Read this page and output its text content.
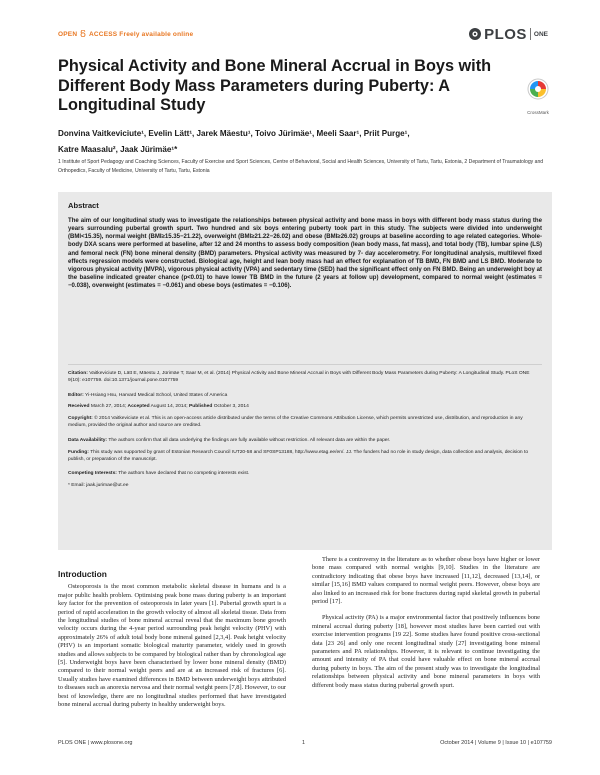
OPEN ACCESS Freely available online	PLOS ONE
Physical Activity and Bone Mineral Accrual in Boys with Different Body Mass Parameters during Puberty: A Longitudinal Study	CrossMark
Donvina Vaitkeviciute¹, Evelin Lätt¹, Jarek Mäestu¹, Toivo Jürimäe¹, Meeli Saar¹, Priit Purge¹,
Katre Maasalu², Jaak Jürimäe¹*
1 Institute of Sport Pedagogy and Coaching Sciences, Faculty of Exercise and Sport Sciences, Centre of Behavioral, Social and Health Sciences, University of Tartu, Tartu, Estonia, 2 Department of Traumatology and Orthopedics, Faculty of Medicine, University of Tartu, Tartu, Estonia
Abstract
The aim of our longitudinal study was to investigate the relationships between physical activity and bone mass in boys with different body mass status during the years surrounding pubertal growth spurt. Two hundred and six boys entering puberty took part in this study. The subjects were divided into underweight (BMI<15.35), normal weight (BMI≥15.35−21.22), overweight (BMI≥21.22−26.02) and obese (BMI≥26.02) groups at baseline according to age related categories. Whole-body DXA scans were performed at baseline, after 12 and 24 months to assess body composition (lean body mass, fat mass), and total body (TB), lumbar spine (LS) and femoral neck (FN) bone mineral density (BMD) parameters. Physical activity was measured by 7- day accelerometry. For longitudinal analysis, multilevel fixed effects regression models were constructed. Biological age, height and lean body mass had an effect for explanation of TB BMD, FN BMD and LS BMD. Moderate to vigorous physical activity (MVPA), vigorous physical activity (VPA) and sedentary time (SED) had the significant effect only on FN BMD. Being an underweight boy at the baseline indicated greater chance (p<0.01) to have lower TB BMD in the future (2 years at follow up) development, compared to normal weight (estimates = −0.038), overweight (estimates = −0.061) and obese boys (estimates = −0.106).
Citation: Vaitkeviciute D, Lätt E, Mäestu J, Jürimäe T, Saar M, et al. (2014) Physical Activity and Bone Mineral Accrual in Boys with Different Body Mass Parameters during Puberty: A Longitudinal Study. PLoS ONE 9(10): e107759. doi:10.1371/journal.pone.0107759
Editor: Yi-Hsiang Hsu, Harvard Medical School, United States of America
Received March 27, 2014; Accepted August 14, 2014; Published October 3, 2014
Copyright: © 2014 Vaitkeviciute et al. This is an open-access article distributed under the terms of the Creative Commons Attribution License, which permits unrestricted use, distribution, and reproduction in any medium, provided the original author and source are credited.
Data Availability: The authors confirm that all data underlying the findings are fully available without restriction. All relevant data are within the paper.
Funding: This study was supported by grant of Estonian Research Council IUT20-58 and SF0SP13188, http://www.etag.ee/en/. JJ. The funders had no role in study design, data collection and analysis, decision to publish, or preparation of the manuscript.
Competing Interests: The authors have declared that no competing interests exist.
* Email: jaak.jurimae@ut.ee
Introduction

Osteoporosis is the most common metabolic skeletal disease in humans and is a major public health problem. Optimising peak bone mass during puberty is an important key factor for the prevention of osteoporosis in later years [1]. Pubertal growth spurt is a period of rapid acceleration in the growth velocity of almost all skeletal tissue. Data from the longitudinal studies of bone mineral accrual reveal that the maximum bone growth velocity occurs during the 4-year period surrounding peak height velocity (PHV) with approximately 26% of adult total body bone mineral gained [2,3,4]. Peak height velocity (PHV) is an important somatic biological maturity parameter, widely used in growth studies and allows subjects to be compared by biological rather than by chronological age [5]. Underweight boys have been characterised by lower bone mineral density (BMD) compared to their normal weight peers and are at an increased risk of fractures [6]. Usually studies have examined differences in BMD between underweight boys attributed to diseases such as anorexia nervosa and their normal weight peers [7,8]. However, to our best of knowledge, there are no longitudinal studies performed that have investigated bone mineral accrual during puberty in healthy underweight boys.

There is a controversy in the literature as to whether obese boys have higher or lower bone mass compared with normal weights [9,10]. Studies in the literature are contradictory indicating that obese boys have increased [11,12], decreased [13,14], or similar [15,16] BMD values compared to normal weight peers. However, obese boys are also linked to an increased risk for bone fractures during rapid skeletal growth in pubertal period [17].

Physical activity (PA) is a major environmental factor that positively influences bone mineral accrual during puberty [18], however most studies have been carried out with exercise intervention programs [19 22]. Some studies have found positive cross-sectional data [23 26] and only one recent longitudinal study [27] investigating bone mineral parameters and PA relationships. However, it is relevant to continue investigating the amount and intensity of PA that could have valuable effect on bone mineral accrual during puberty in boys. The aim of the present study was to investigate the longitudinal relationships between physical activity and bone mineral parameters in boys with different body mass status during pubertal growth spurt.

PLOS ONE | www.plosone.org	1	October 2014 | Volume 9 | Issue 10 | e107759
